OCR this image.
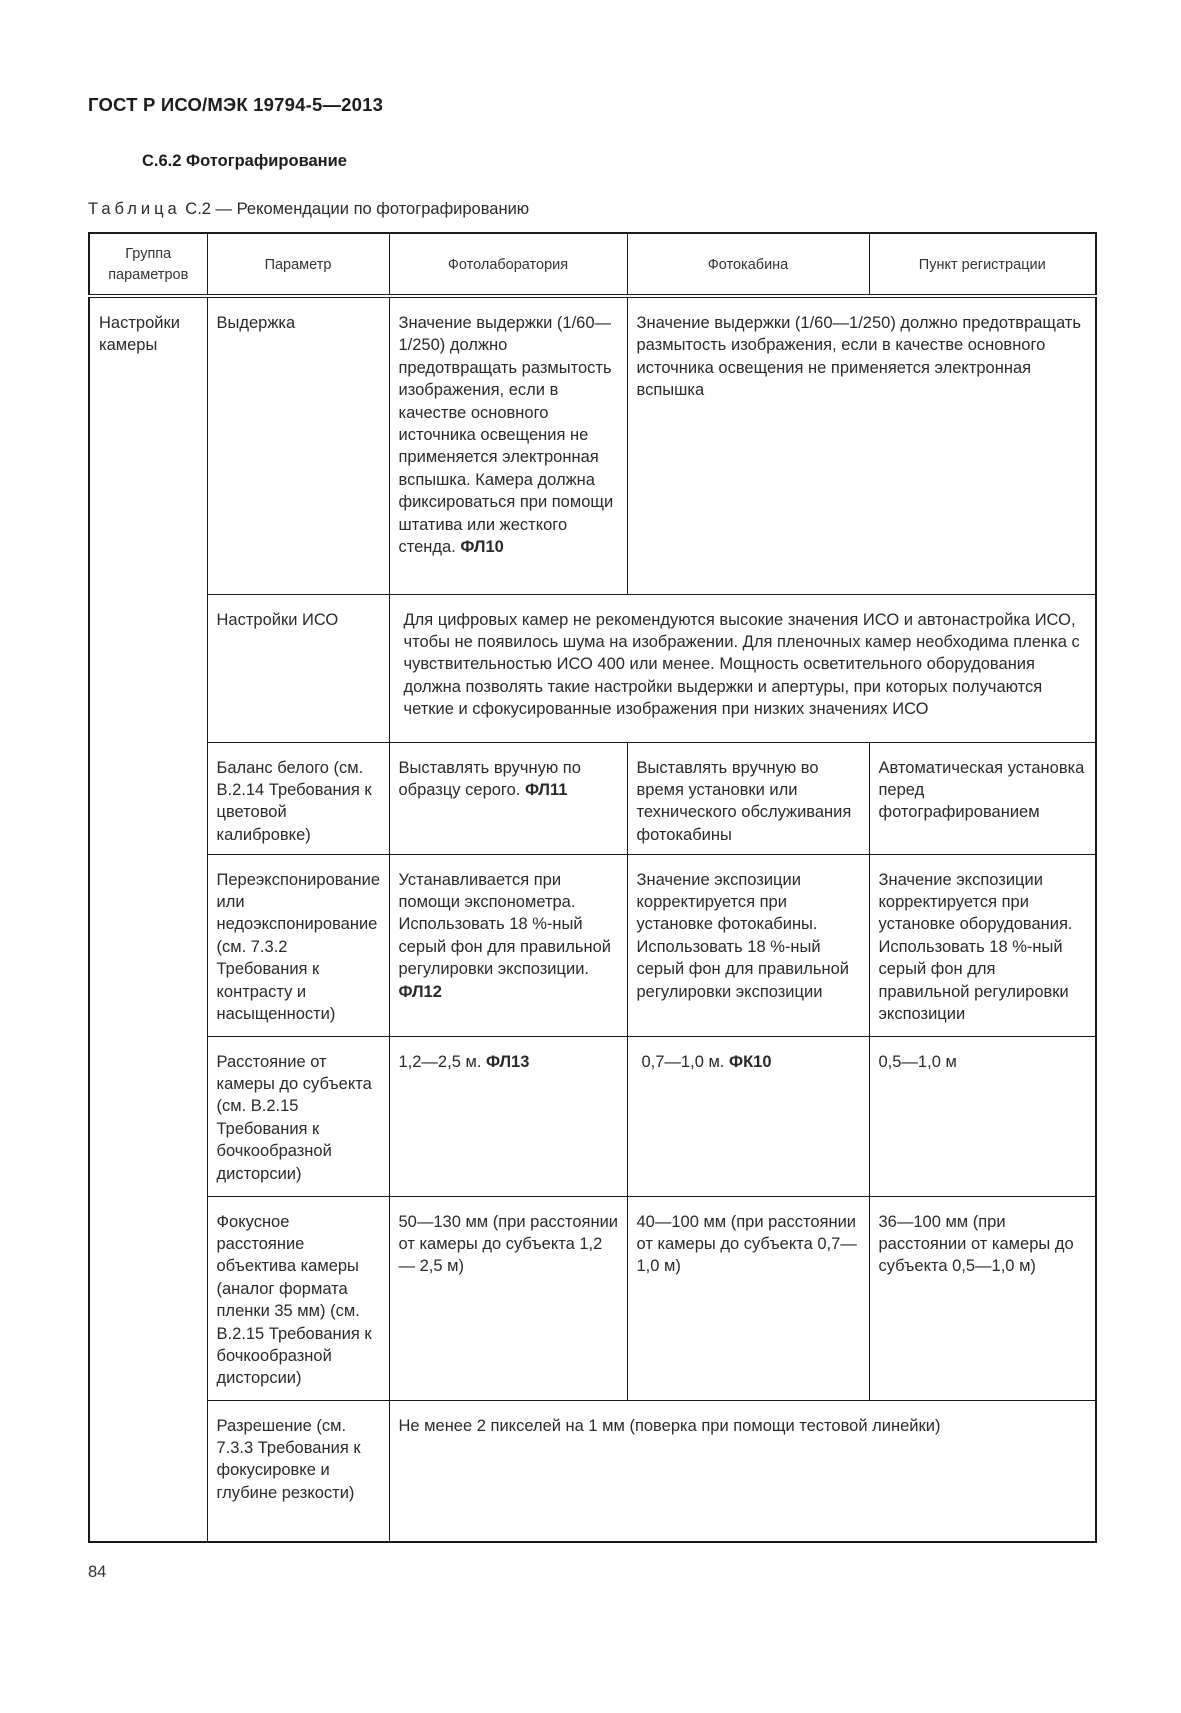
ГОСТ Р ИСО/МЭК 19794-5—2013
С.6.2 Фотографирование
Таблица С.2 — Рекомендации по фотографированию
Группа параметров	Параметр	Фотолаборатория	Фотокабина	Пункт регистрации
Настройки камеры	Выдержка	Значение выдержки (1/60—1/250) должно предотвращать размытость изображения, если в качестве основного источника освещения не применяется электронная вспышка. Камера должна фиксироваться при помощи штатива или жесткого стенда. ФЛ10	Значение выдержки (1/60—1/250) должно предотвращать размытость изображения, если в качестве основного источника освещения не применяется электронная вспышка	
	Настройки ИСО	Для цифровых камер не рекомендуются высокие значения ИСО и автонастройка ИСО, чтобы не появилось шума на изображении. Для пленочных камер необходима пленка с чувствительностью ИСО 400 или менее. Мощность осветительного оборудования должна позволять такие настройки выдержки и апертуры, при которых получаются четкие и сфокусированные изображения при низких значениях ИСО		
	Баланс белого (см. В.2.14 Требования к цветовой калибровке)	Выставлять вручную по образцу серого. ФЛ11	Выставлять вручную во время установки или технического обслуживания фотокабины	Автоматическая установка перед фотографированием
	Переэкспонирование или недоэкспонирование (см. 7.3.2 Требования к контрасту и насыщенности)	Устанавливается при помощи экспонометра. Использовать 18 %-ный серый фон для правильной регулировки экспозиции. ФЛ12	Значение экспозиции корректируется при установке фотокабины. Использовать 18 %-ный серый фон для правильной регулировки экспозиции	Значение экспозиции корректируется при установке оборудования. Использовать 18 %-ный серый фон для правильной регулировки экспозиции
	Расстояние от камеры до субъекта (см. В.2.15 Требования к бочкообразной дисторсии)	1,2—2,5 м. ФЛ13	0,7—1,0 м. ФК10	0,5—1,0 м
	Фокусное расстояние объектива камеры (аналог формата пленки 35 мм) (см. В.2.15 Требования к бочкообразной дисторсии)	50—130 мм (при расстоянии от камеры до субъекта 1,2— 2,5 м)	40—100 мм (при расстоянии от камеры до субъекта 0,7—1,0 м)	36—100 мм (при расстоянии от камеры до субъекта 0,5—1,0 м)
	Разрешение (см. 7.3.3 Требования к фокусировке и глубине резкости)	Не менее 2 пикселей на 1 мм (поверка при помощи тестовой линейки)		
84
